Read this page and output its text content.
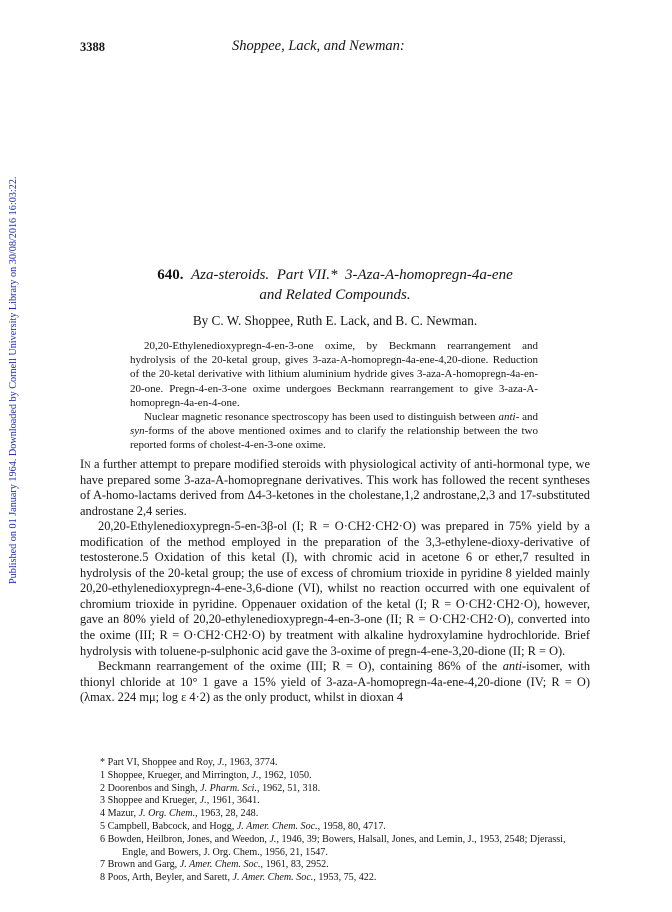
Published on 01 January 1964. Downloaded by Cornell University Library on 30/08/2016 16:03:22.
3388	Shoppee, Lack, and Newman:
640. Aza-steroids. Part VII.* 3-Aza-A-homopregn-4a-ene
and Related Compounds.
By C. W. Shoppee, Ruth E. Lack, and B. C. Newman.

20,20-Ethylenedioxypregn-4-en-3-one oxime, by Beckmann rearrangement and hydrolysis of the 20-ketal group, gives 3-aza-A-homopregn-4a-ene-4,20-dione. Reduction of the 20-ketal derivative with lithium aluminium hydride gives 3-aza-A-homopregn-4a-en-20-one. Pregn-4-en-3-one oxime undergoes Beckmann rearrangement to give 3-aza-A-homopregn-4a-en-4-one.

Nuclear magnetic resonance spectroscopy has been used to distinguish between anti- and syn-forms of the above mentioned oximes and to clarify the relationship between the two reported forms of cholest-4-en-3-one oxime.

In a further attempt to prepare modified steroids with physiological activity of anti-hormonal type, we have prepared some 3-aza-A-homopregnane derivatives. This work has followed the recent syntheses of A-homo-lactams derived from Δ4-3-ketones in the cholestane,1,2 androstane,2,3 and 17-substituted androstane 2,4 series.

20,20-Ethylenedioxypregn-5-en-3β-ol (I; R = O·CH2·CH2·O) was prepared in 75% yield by a modification of the method employed in the preparation of the 3,3-ethylene-dioxy-derivative of testosterone.5 Oxidation of this ketal (I), with chromic acid in acetone 6 or ether,7 resulted in hydrolysis of the 20-ketal group; the use of excess of chromium trioxide in pyridine 8 yielded mainly 20,20-ethylenedioxypregn-4-ene-3,6-dione (VI), whilst no reaction occurred with one equivalent of chromium trioxide in pyridine. Oppenauer oxidation of the ketal (I; R = O·CH2·CH2·O), however, gave an 80% yield of 20,20-ethylenedioxypregn-4-en-3-one (II; R = O·CH2·CH2·O), converted into the oxime (III; R = O·CH2·CH2·O) by treatment with alkaline hydroxylamine hydrochloride. Brief hydrolysis with toluene-p-sulphonic acid gave the 3-oxime of pregn-4-ene-3,20-dione (II; R = O).

Beckmann rearrangement of the oxime (III; R = O), containing 86% of the anti-isomer, with thionyl chloride at 10° 1 gave a 15% yield of 3-aza-A-homopregn-4a-ene-4,20-dione (IV; R = O) (λmax. 224 mμ; log ε 4·2) as the only product, whilst in dioxan 4

* Part VI, Shoppee and Roy, J., 1963, 3774.
1 Shoppee, Krueger, and Mirrington, J., 1962, 1050.
2 Doorenbos and Singh, J. Pharm. Sci., 1962, 51, 318.
3 Shoppee and Krueger, J., 1961, 3641.
4 Mazur, J. Org. Chem., 1963, 28, 248.
5 Campbell, Babcock, and Hogg, J. Amer. Chem. Soc., 1958, 80, 4717.
6 Bowden, Heilbron, Jones, and Weedon, J., 1946, 39; Bowers, Halsall, Jones, and Lemin, J., 1953, 2548; Djerassi, Engle, and Bowers, J. Org. Chem., 1956, 21, 1547.
7 Brown and Garg, J. Amer. Chem. Soc., 1961, 83, 2952.
8 Poos, Arth, Beyler, and Sarett, J. Amer. Chem. Soc., 1953, 75, 422.
